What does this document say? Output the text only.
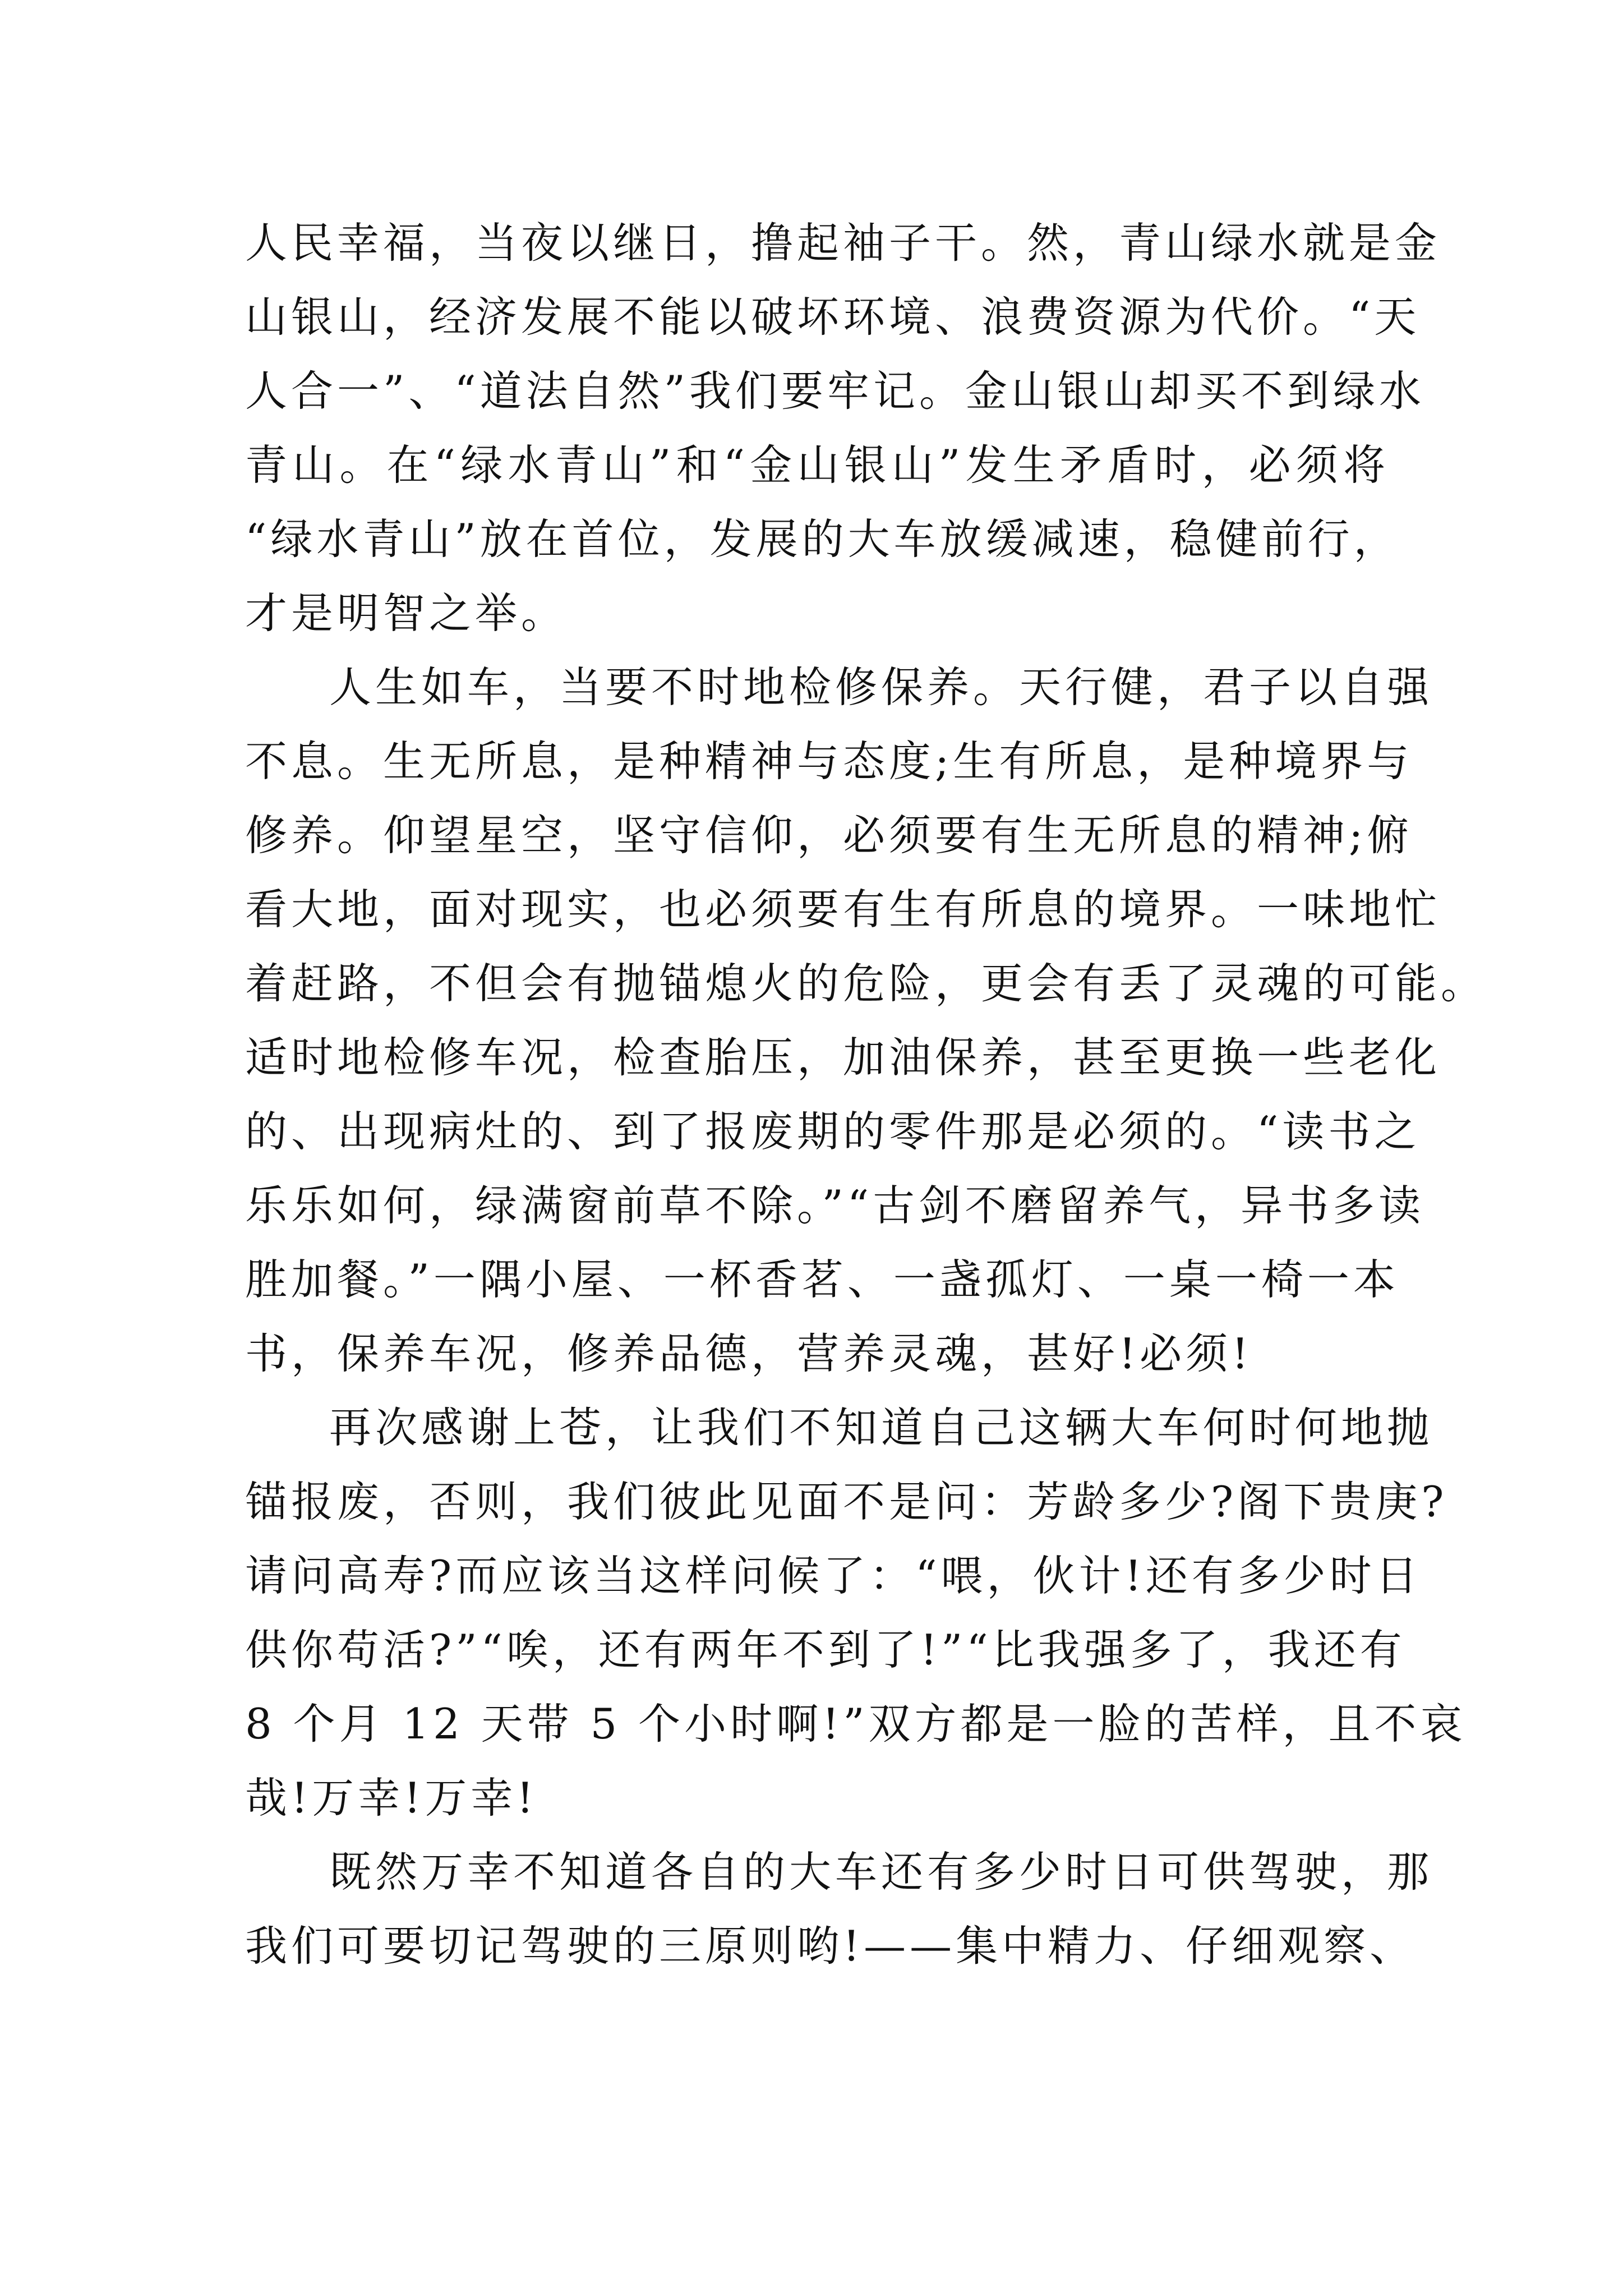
人民幸福，当夜以继日，撸起袖子干。然，青山绿水就是金
山银山，经济发展不能以破坏环境、浪费资源为代价。“天
人合一”、“道法自然”我们要牢记。金山银山却买不到绿水
青山。在“绿水青山”和“金山银山”发生矛盾时，必须将
“绿水青山”放在首位，发展的大车放缓减速，稳健前行，
才是明智之举。
人生如车，当要不时地检修保养。天行健，君子以自强
不息。生无所息，是种精神与态度;生有所息，是种境界与
修养。仰望星空，坚守信仰，必须要有生无所息的精神;俯
看大地，面对现实，也必须要有生有所息的境界。一味地忙
着赶路，不但会有抛锚熄火的危险，更会有丢了灵魂的可能。
适时地检修车况，检查胎压，加油保养，甚至更换一些老化
的、出现病灶的、到了报废期的零件那是必须的。“读书之
乐乐如何，绿满窗前草不除。”“古剑不磨留养气，异书多读
胜加餐。”一隅小屋、一杯香茗、一盏孤灯、一桌一椅一本
书，保养车况，修养品德，营养灵魂，甚好!必须!
再次感谢上苍，让我们不知道自己这辆大车何时何地抛
锚报废，否则，我们彼此见面不是问：芳龄多少?阁下贵庚?
请问高寿?而应该当这样问候了：“喂，伙计!还有多少时日
供你苟活?”“唉，还有两年不到了!”“比我强多了，我还有
8 个月 12 天带 5 个小时啊!”双方都是一脸的苦样，且不哀
哉!万幸!万幸!
既然万幸不知道各自的大车还有多少时日可供驾驶，那
我们可要切记驾驶的三原则哟!——集中精力、仔细观察、
